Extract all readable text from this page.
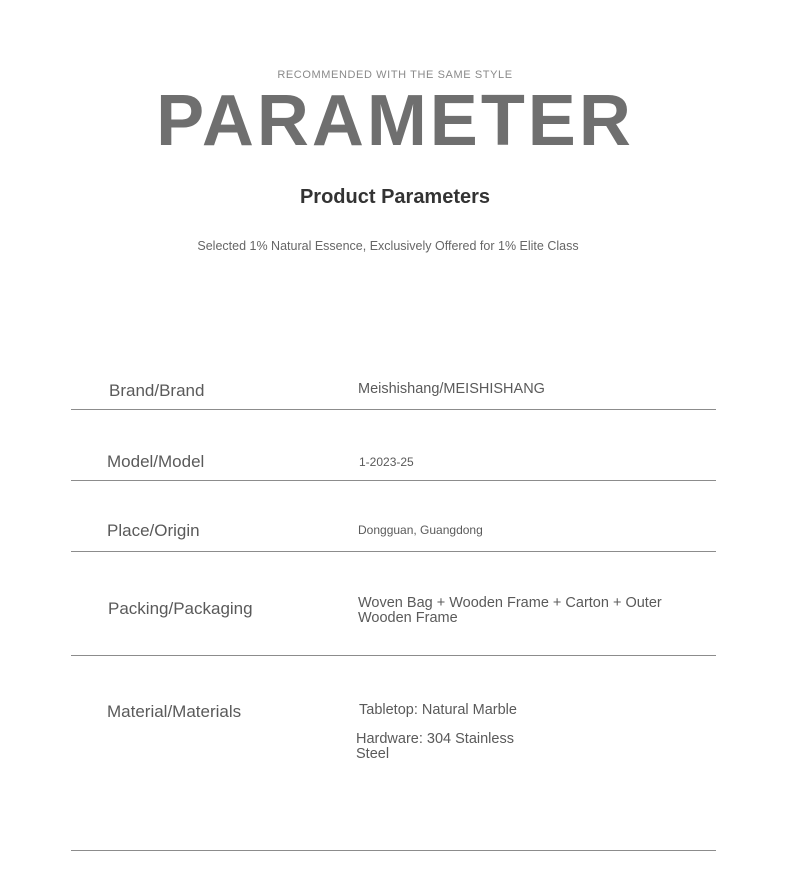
RECOMMENDED WITH THE SAME STYLE
PARAMETER
Product Parameters
Selected 1% Natural Essence, Exclusively Offered for 1% Elite Class
Brand/Brand	Meishishang/MEISHISHANG
Model/Model	1-2023-25
Place/Origin	Dongguan, Guangdong
Packing/Packaging	Woven Bag + Wooden Frame + Carton + Outer Wooden Frame
Material/Materials	Tabletop: Natural Marble
Hardware: 304 Stainless Steel
